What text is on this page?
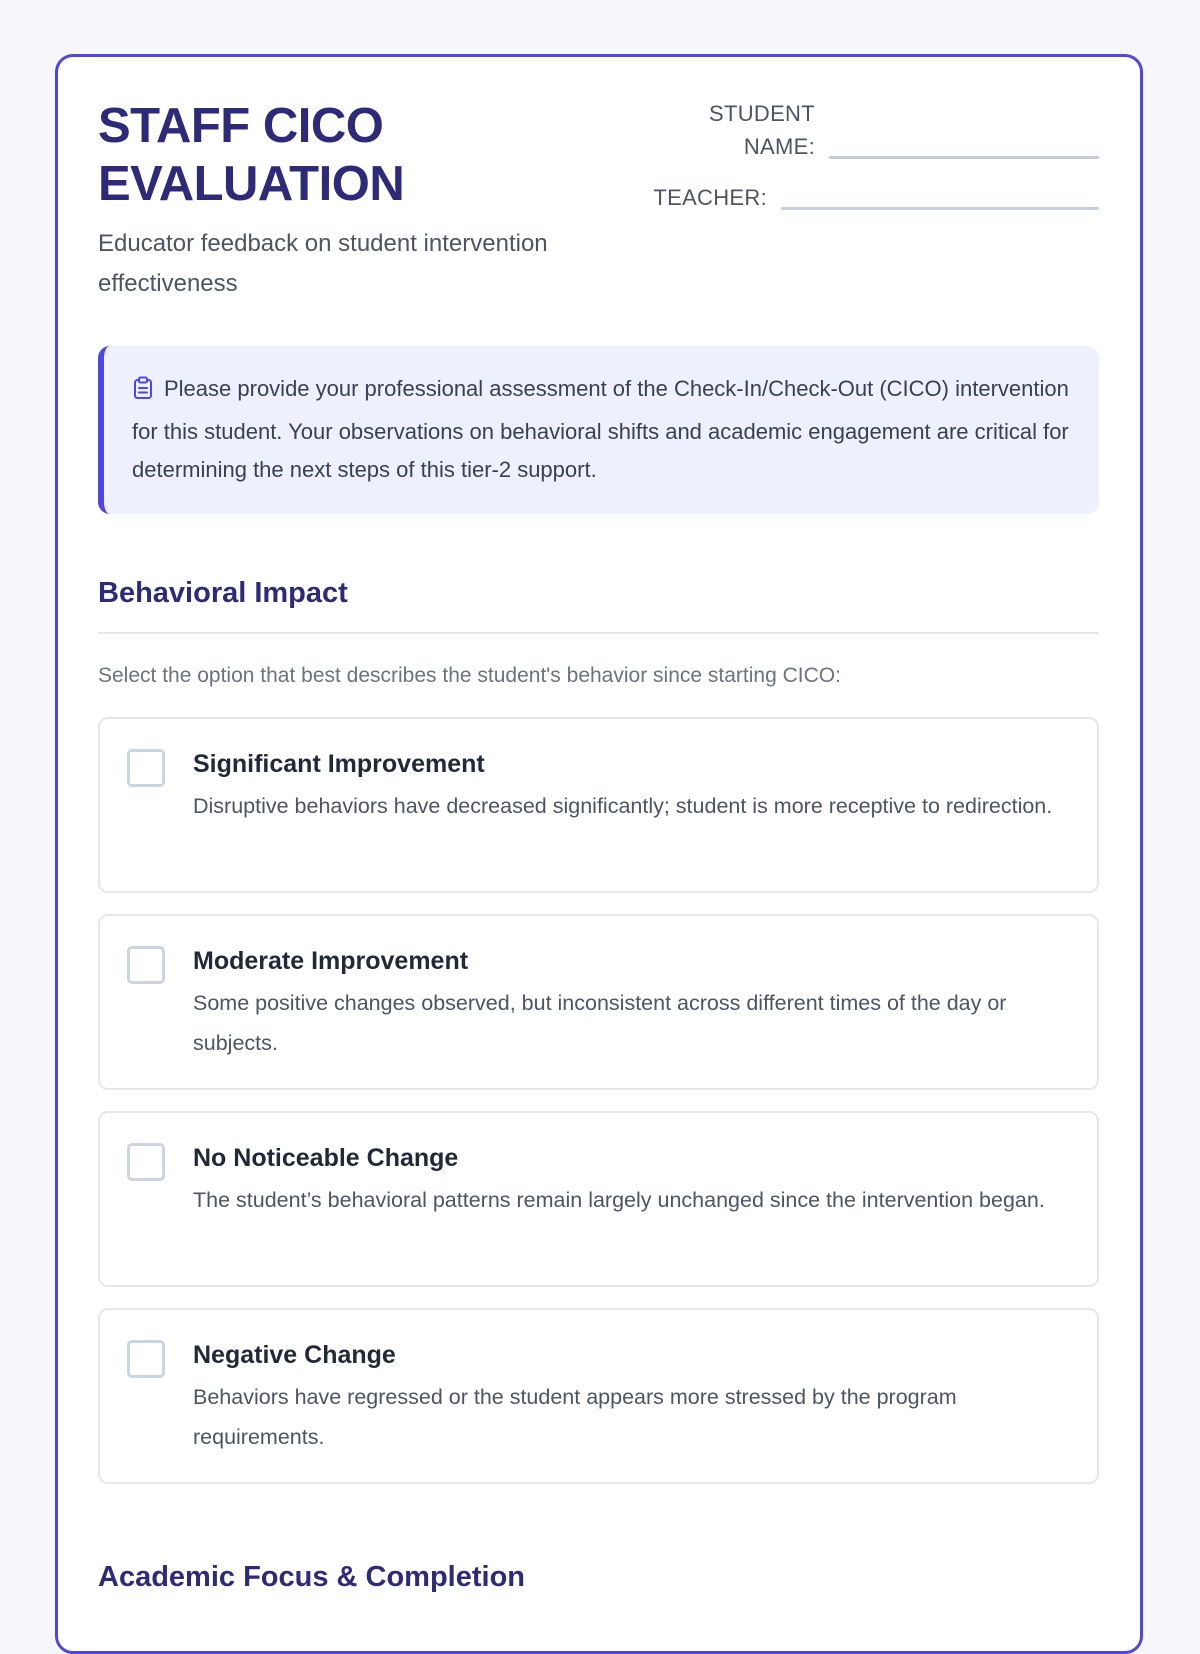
STAFF CICO
EVALUATION
Educator feedback on student intervention effectiveness
STUDENT NAME:
TEACHER:
Please provide your professional assessment of the Check-In/Check-Out (CICO) intervention for this student. Your observations on behavioral shifts and academic engagement are critical for determining the next steps of this tier-2 support.
Behavioral Impact
Select the option that best describes the student's behavior since starting CICO:
Significant Improvement
Disruptive behaviors have decreased significantly; student is more receptive to redirection.
Moderate Improvement
Some positive changes observed, but inconsistent across different times of the day or subjects.
No Noticeable Change
The student’s behavioral patterns remain largely unchanged since the intervention began.
Negative Change
Behaviors have regressed or the student appears more stressed by the program requirements.
Academic Focus & Completion
